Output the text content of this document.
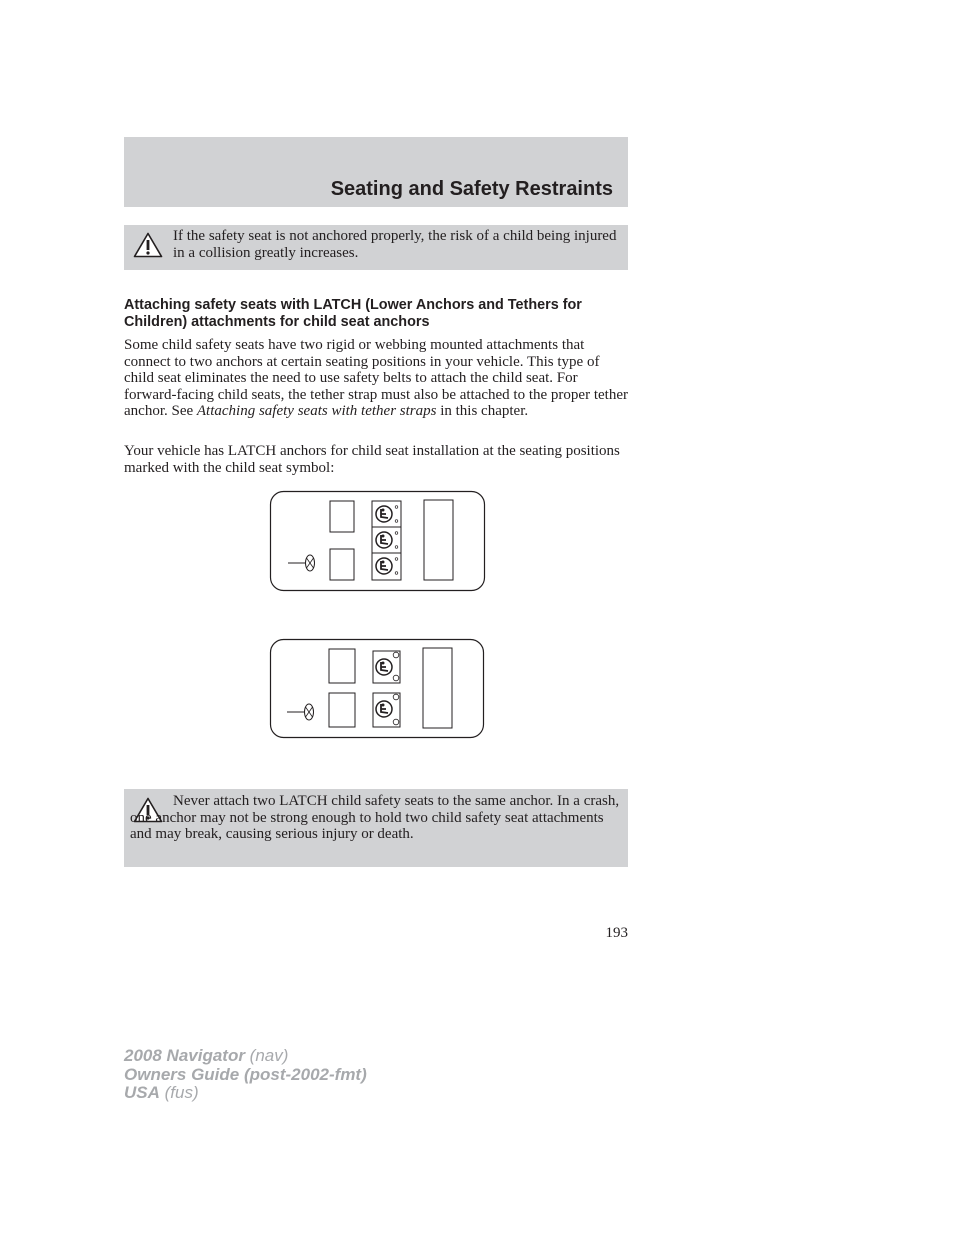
Seating and Safety Restraints
If the safety seat is not anchored properly, the risk of a child being injured in a collision greatly increases.
Attaching safety seats with LATCH (Lower Anchors and Tethers for Children) attachments for child seat anchors
Some child safety seats have two rigid or webbing mounted attachments that connect to two anchors at certain seating positions in your vehicle. This type of child seat eliminates the need to use safety belts to attach the child seat. For forward-facing child seats, the tether strap must also be attached to the proper tether anchor. See Attaching safety seats with tether straps in this chapter.
Your vehicle has LATCH anchors for child seat installation at the seating positions marked with the child seat symbol:
Never attach two LATCH child safety seats to the same anchor. In a crash, one anchor may not be strong enough to hold two child safety seat attachments and may break, causing serious injury or death.
193
2008 Navigator (nav)
Owners Guide (post-2002-fmt)
USA (fus)
